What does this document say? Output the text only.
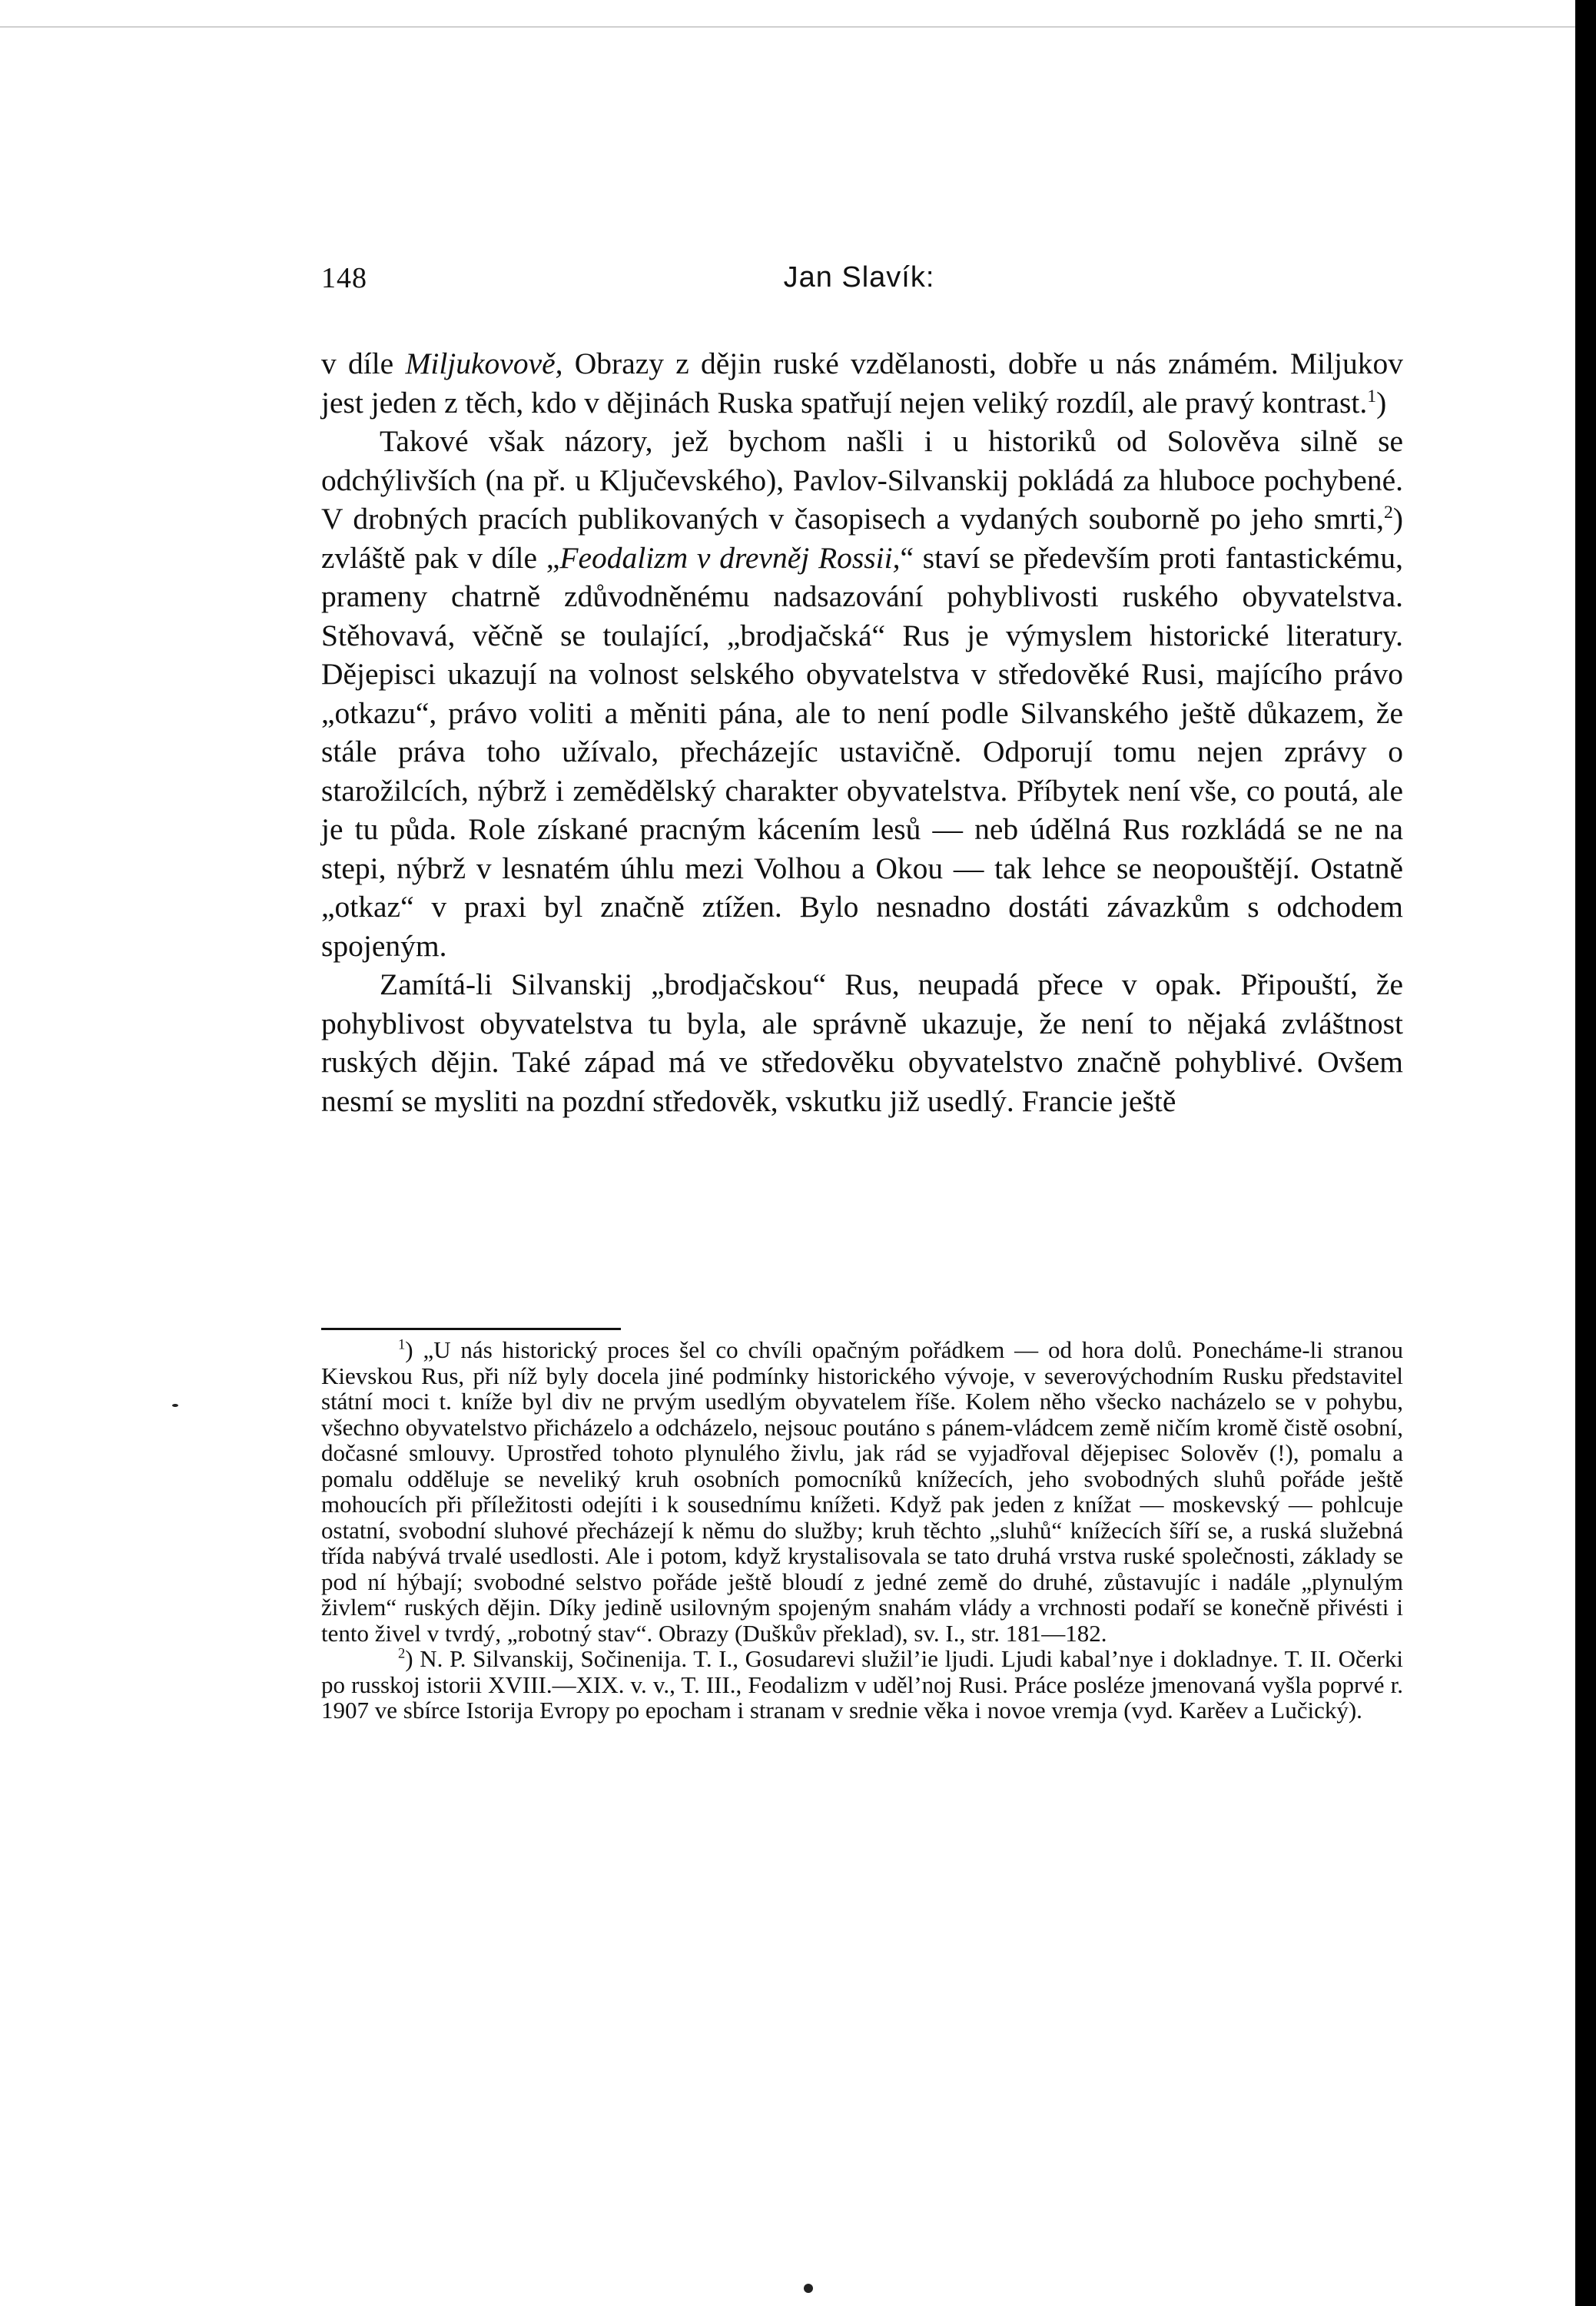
148	Jan Slavík:

v díle Miljukovově, Obrazy z dějin ruské vzdělanosti, dobře u nás známém. Miljukov jest jeden z těch, kdo v dějinách Ruska spatřují nejen veliký rozdíl, ale pravý kontrast.$^1$)

Takové však názory, jež bychom našli i u historiků od Solověva silně se odchýlivších (na př. u Ključevského), Pavlov-Silvanskij pokládá za hluboce pochybené. V drobných pracích publikovaných v časopisech a vydaných souborně po jeho smrti,$^2$) zvláště pak v díle „Feodalizm v drevněj Rossii,“ staví se především proti fantastickému, prameny chatrně zdůvodněnému nadsazování pohyblivosti ruského obyvatelstva. Stěhovavá, věčně se toulající, „brodjačská“ Rus je výmyslem historické literatury. Dějepisci ukazují na volnost selského obyvatelstva v středověké Rusi, majícího právo „otkazu“, právo voliti a měniti pána, ale to není podle Silvanského ještě důkazem, že stále práva toho užívalo, přecházejíc ustavičně. Odporují tomu nejen zprávy o starožilcích, nýbrž i zemědělský charakter obyvatelstva. Příbytek není vše, co poutá, ale je tu půda. Role získané pracným kácením lesů — neb údělná Rus rozkládá se ne na stepi, nýbrž v lesnatém úhlu mezi Volhou a Okou — tak lehce se neopouštějí. Ostatně „otkaz“ v praxi byl značně ztížen. Bylo nesnadno dostáti závazkům s odchodem spojeným.

Zamítá-li Silvanskij „brodjačskou“ Rus, neupadá přece v opak. Připouští, že pohyblivost obyvatelstva tu byla, ale správně ukazuje, že není to nějaká zvláštnost ruských dějin. Také západ má ve středověku obyvatelstvo značně pohyblivé. Ovšem nesmí se mysliti na pozdní středověk, vskutku již usedlý. Francie ještě

$^1$) „U nás historický proces šel co chvíli opačným pořádkem — od hora dolů. Ponecháme-li stranou Kievskou Rus, při níž byly docela jiné podmínky historického vývoje, v severovýchodním Rusku představitel státní moci t. kníže byl div ne prvým usedlým obyvatelem říše. Kolem něho všecko nacházelo se v pohybu, všechno obyvatelstvo přicházelo a odcházelo, nejsouc poutáno s pánem-vládcem země ničím kromě čistě osobní, dočasné smlouvy. Uprostřed tohoto plynulého živlu, jak rád se vyjadřoval dějepisec Solověv (!), pomalu a pomalu odděluje se neveliký kruh osobních pomocníků knížecích, jeho svobodných sluhů pořáde ještě mohoucích při příležitosti odejíti i k sousednímu knížeti. Když pak jeden z knížat — moskevský — pohlcuje ostatní, svobodní sluhové přecházejí k němu do služby; kruh těchto „sluhů“ knížecích šíří se, a ruská služebná třída nabývá trvalé usedlosti. Ale i potom, když krystalisovala se tato druhá vrstva ruské společnosti, základy se pod ní hýbají; svobodné selstvo pořáde ještě bloudí z jedné země do druhé, zůstavujíc i nadále „plynulým živlem“ ruských dějin. Díky jedině usilovným spojeným snahám vlády a vrchnosti podaří se konečně přivésti i tento živel v tvrdý, „robotný stav“. Obrazy (Duškův překlad), sv. I., str. 181—182.

$^2$) N. P. Silvanskij, Sočinenija. T. I., Gosudarevi služil’ie ljudi. Ljudi kabal’nye i dokladnye. T. II. Očerki po russkoj istorii XVIII.—XIX. v. v., T. III., Feodalizm v uděl’noj Rusi. Práce posléze jmenovaná vyšla poprvé r. 1907 ve sbírce Istorija Evropy po epocham i stranam v srednie věka i novoe vremja (vyd. Karěev a Lučický).
